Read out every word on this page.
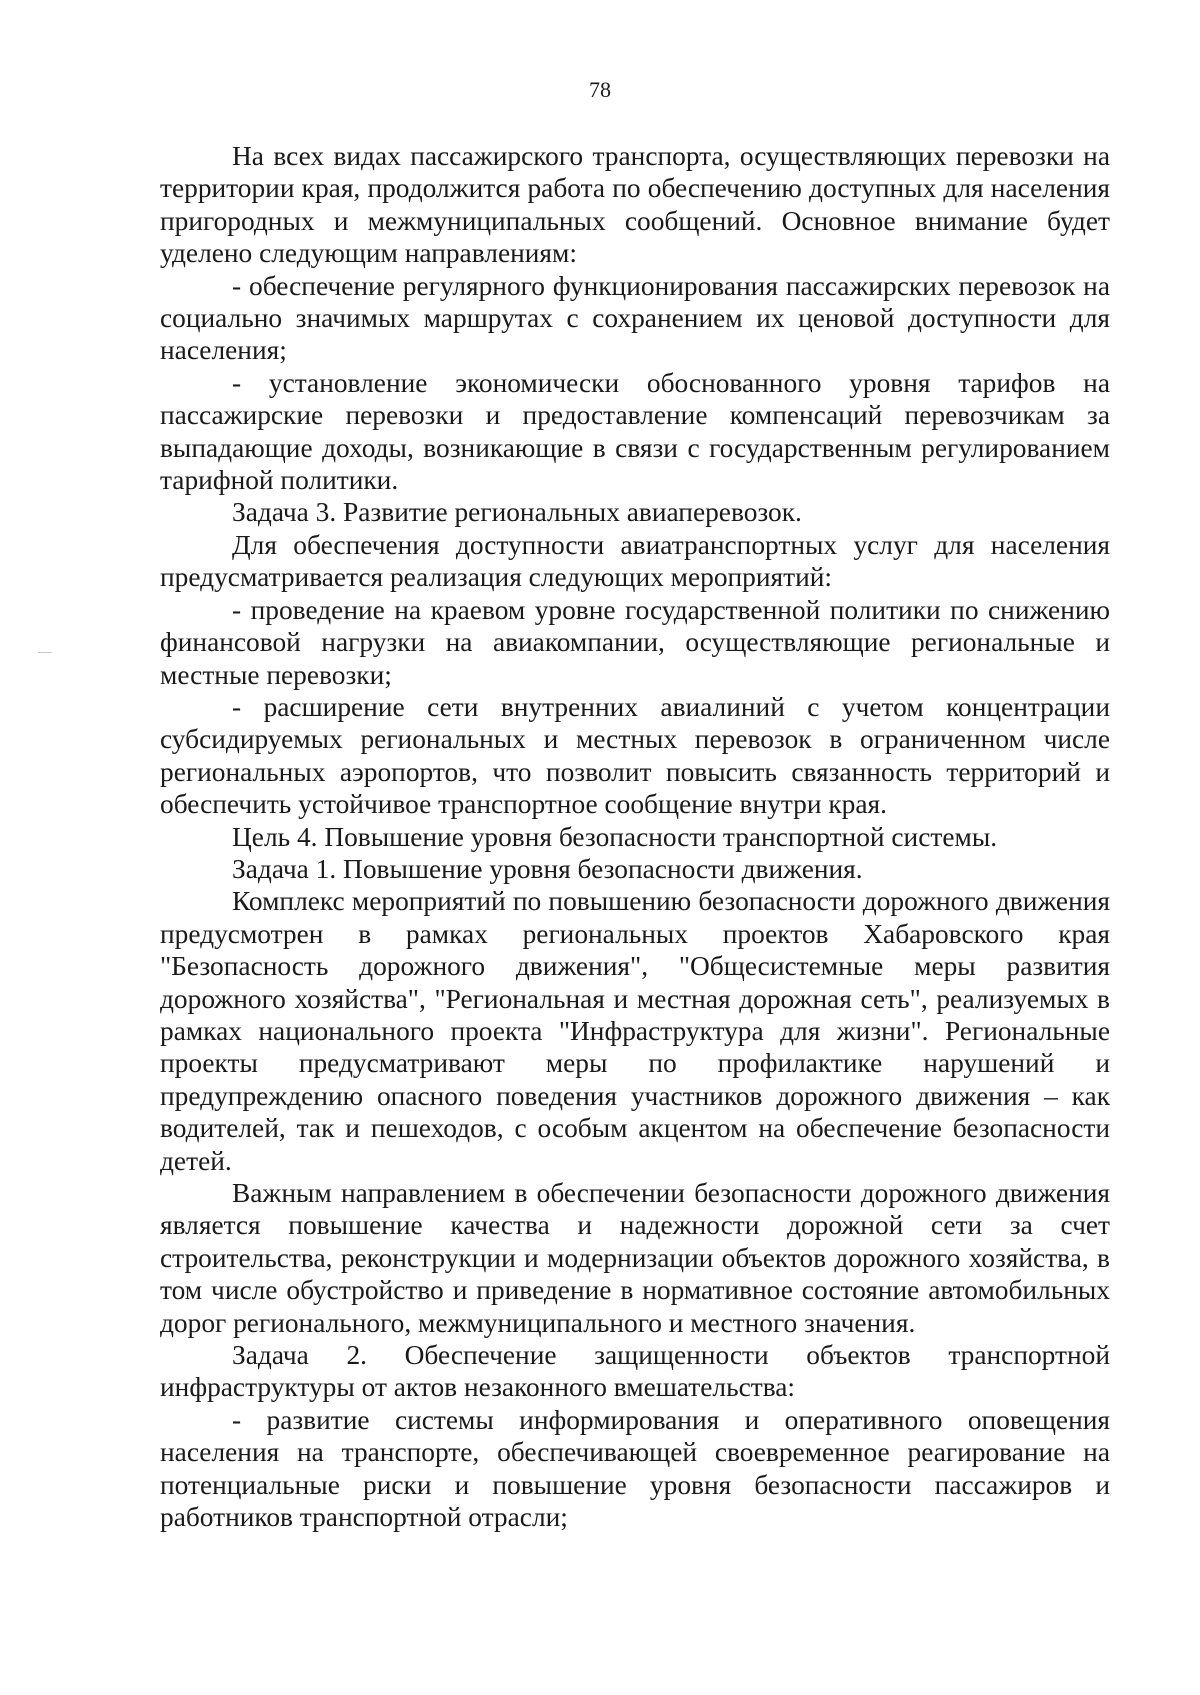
78

На всех видах пассажирского транспорта, осуществляющих перевозки на территории края, продолжится работа по обеспечению доступных для населения пригородных и межмуниципальных сообщений. Основное внимание будет уделено следующим направлениям:

- обеспечение регулярного функционирования пассажирских перевозок на социально значимых маршрутах с сохранением их ценовой доступности для населения;

- установление экономически обоснованного уровня тарифов на пассажирские перевозки и предоставление компенсаций перевозчикам за выпадающие доходы, возникающие в связи с государственным регулированием тарифной политики.

Задача 3. Развитие региональных авиаперевозок.

Для обеспечения доступности авиатранспортных услуг для населения предусматривается реализация следующих мероприятий:

- проведение на краевом уровне государственной политики по снижению финансовой нагрузки на авиакомпании, осуществляющие региональные и местные перевозки;

- расширение сети внутренних авиалиний с учетом концентрации субсидируемых региональных и местных перевозок в ограниченном числе региональных аэропортов, что позволит повысить связанность территорий и обеспечить устойчивое транспортное сообщение внутри края.

Цель 4. Повышение уровня безопасности транспортной системы.

Задача 1. Повышение уровня безопасности движения.

Комплекс мероприятий по повышению безопасности дорожного движения предусмотрен в рамках региональных проектов Хабаровского края "Безопасность дорожного движения", "Общесистемные меры развития дорожного хозяйства", "Региональная и местная дорожная сеть", реализуемых в рамках национального проекта "Инфраструктура для жизни". Региональные проекты предусматривают меры по профилактике нарушений и предупреждению опасного поведения участников дорожного движения – как водителей, так и пешеходов, с особым акцентом на обеспечение безопасности детей.

Важным направлением в обеспечении безопасности дорожного движения является повышение качества и надежности дорожной сети за счет строительства, реконструкции и модернизации объектов дорожного хозяйства, в том числе обустройство и приведение в нормативное состояние автомобильных дорог регионального, межмуниципального и местного значения.

Задача 2. Обеспечение защищенности объектов транспортной инфраструктуры от актов незаконного вмешательства:

- развитие системы информирования и оперативного оповещения населения на транспорте, обеспечивающей своевременное реагирование на потенциальные риски и повышение уровня безопасности пассажиров и работников транспортной отрасли;
